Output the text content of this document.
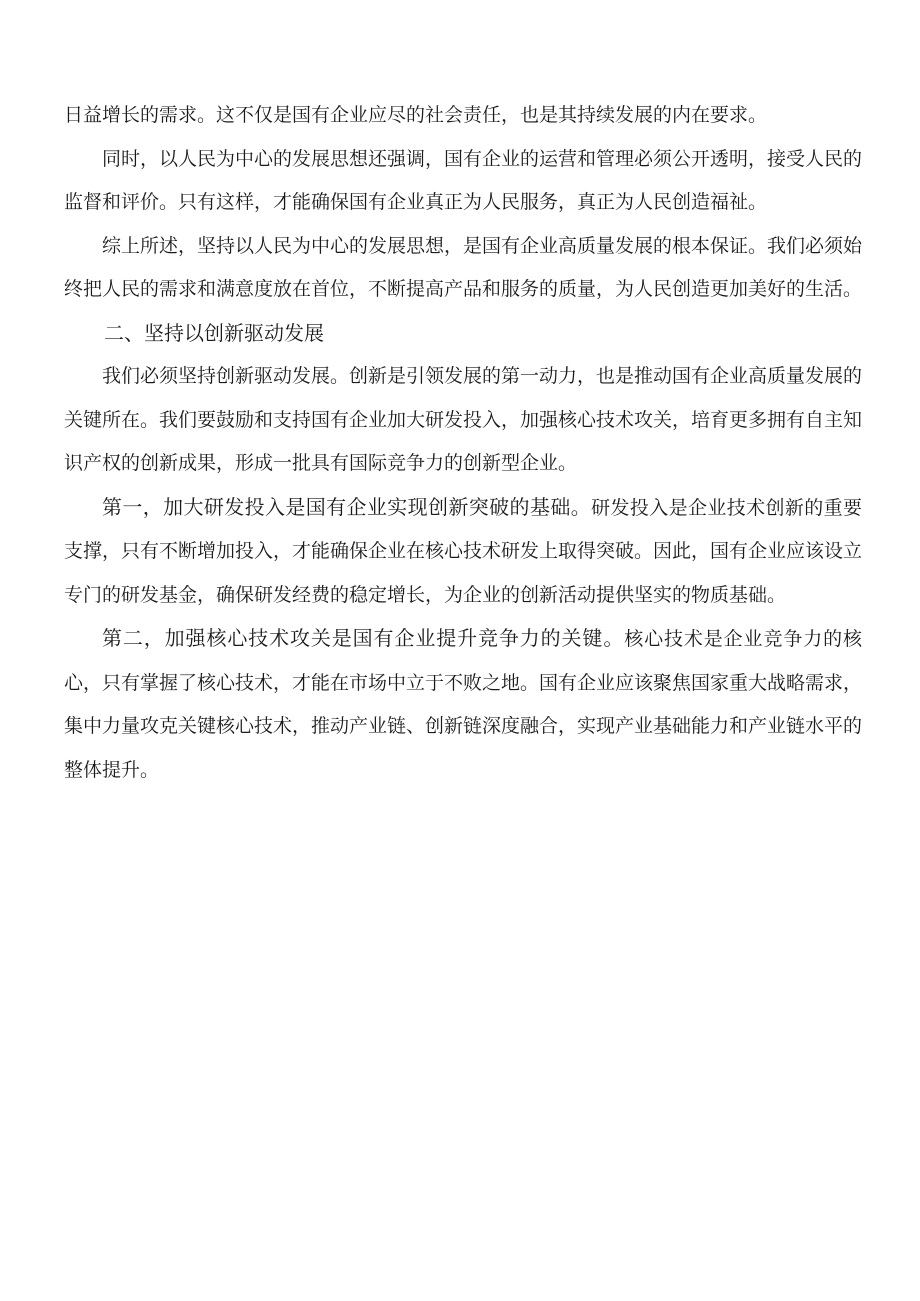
日益增长的需求。这不仅是国有企业应尽的社会责任，也是其持续发展的内在要求。

同时，以人民为中心的发展思想还强调，国有企业的运营和管理必须公开透明，接受人民的监督和评价。只有这样，才能确保国有企业真正为人民服务，真正为人民创造福祉。

综上所述，坚持以人民为中心的发展思想，是国有企业高质量发展的根本保证。我们必须始终把人民的需求和满意度放在首位，不断提高产品和服务的质量，为人民创造更加美好的生活。

二、坚持以创新驱动发展

我们必须坚持创新驱动发展。创新是引领发展的第一动力，也是推动国有企业高质量发展的关键所在。我们要鼓励和支持国有企业加大研发投入，加强核心技术攻关，培育更多拥有自主知识产权的创新成果，形成一批具有国际竞争力的创新型企业。

第一，加大研发投入是国有企业实现创新突破的基础。研发投入是企业技术创新的重要支撑，只有不断增加投入，才能确保企业在核心技术研发上取得突破。因此，国有企业应该设立专门的研发基金，确保研发经费的稳定增长，为企业的创新活动提供坚实的物质基础。

第二，加强核心技术攻关是国有企业提升竞争力的关键。核心技术是企业竞争力的核心，只有掌握了核心技术，才能在市场中立于不败之地。国有企业应该聚焦国家重大战略需求，集中力量攻克关键核心技术，推动产业链、创新链深度融合，实现产业基础能力和产业链水平的整体提升。
